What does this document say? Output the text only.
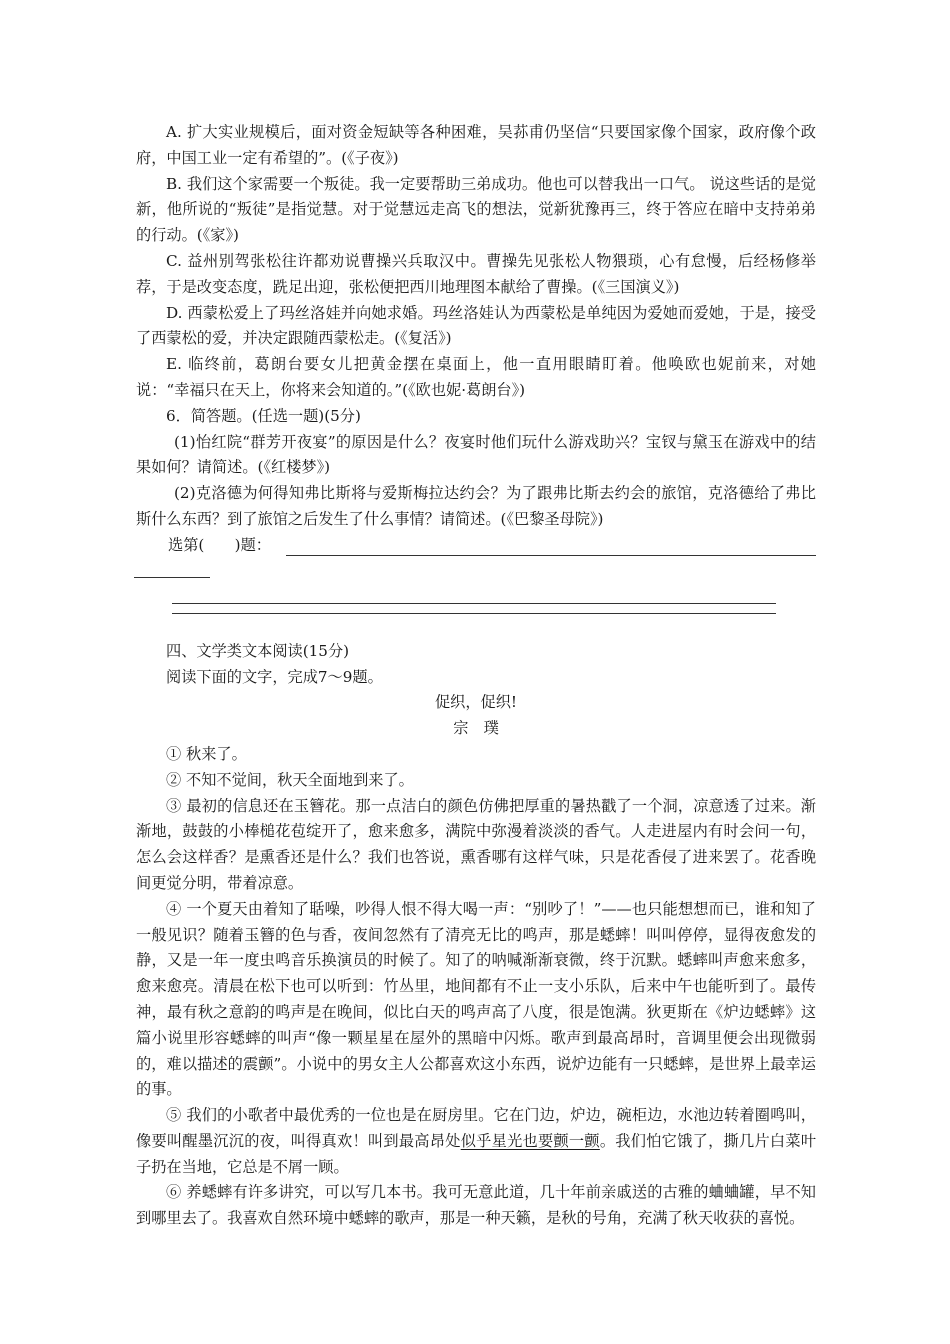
A. 扩大实业规模后，面对资金短缺等各种困难，吴荪甫仍坚信“只要国家像个国家，政府像个政府，中国工业一定有希望的”。(《子夜》)

B. 我们这个家需要一个叛徒。我一定要帮助三弟成功。他也可以替我出一口气。 说这些话的是觉新，他所说的“叛徒”是指觉慧。对于觉慧远走高飞的想法，觉新犹豫再三，终于答应在暗中支持弟弟的行动。(《家》)

C. 益州别驾张松往许都劝说曹操兴兵取汉中。曹操先见张松人物猥琐，心有怠慢，后经杨修举荐，于是改变态度，跣足出迎，张松便把西川地理图本献给了曹操。(《三国演义》)

D. 西蒙松爱上了玛丝洛娃并向她求婚。玛丝洛娃认为西蒙松是单纯因为爱她而爱她，于是，接受了西蒙松的爱，并决定跟随西蒙松走。(《复活》)

E. 临终前，葛朗台要女儿把黄金摆在桌面上，他一直用眼睛盯着。他唤欧也妮前来，对她说：“幸福只在天上，你将来会知道的。”(《欧也妮·葛朗台》)

6．简答题。(任选一题)(5分)

(1)怡红院“群芳开夜宴”的原因是什么？夜宴时他们玩什么游戏助兴？宝钗与黛玉在游戏中的结果如何？请简述。(《红楼梦》)

(2)克洛德为何得知弗比斯将与爱斯梅拉达约会？为了跟弗比斯去约会的旅馆，克洛德给了弗比斯什么东西？到了旅馆之后发生了什么事情？请简述。(《巴黎圣母院》)

选第(　　)题：

四、文学类文本阅读(15分)

阅读下面的文字，完成7～9题。

促织，促织!

宗　璞

① 秋来了。

② 不知不觉间，秋天全面地到来了。

③ 最初的信息还在玉簪花。那一点洁白的颜色仿佛把厚重的暑热戳了一个洞，凉意透了过来。渐渐地，鼓鼓的小棒槌花苞绽开了，愈来愈多，满院中弥漫着淡淡的香气。人走进屋内有时会问一句，怎么会这样香？是熏香还是什么？我们也答说，熏香哪有这样气味，只是花香侵了进来罢了。花香晚间更觉分明，带着凉意。

④ 一个夏天由着知了聒噪，吵得人恨不得大喝一声：“别吵了！”——也只能想想而已，谁和知了一般见识？随着玉簪的色与香，夜间忽然有了清亮无比的鸣声，那是蟋蟀！叫叫停停，显得夜愈发的静，又是一年一度虫鸣音乐换演员的时候了。知了的呐喊渐渐衰微，终于沉默。蟋蟀叫声愈来愈多，愈来愈亮。清晨在松下也可以听到：竹丛里，地间都有不止一支小乐队，后来中午也能听到了。最传神，最有秋之意韵的鸣声是在晚间，似比白天的鸣声高了八度，很是饱满。狄更斯在《炉边蟋蟀》这篇小说里形容蟋蟀的叫声“像一颗星星在屋外的黑暗中闪烁。歌声到最高昂时，音调里便会出现微弱的，难以描述的震颤”。小说中的男女主人公都喜欢这小东西，说炉边能有一只蟋蟀，是世界上最幸运的事。

⑤ 我们的小歌者中最优秀的一位也是在厨房里。它在门边，炉边，碗柜边，水池边转着圈鸣叫，像要叫醒墨沉沉的夜，叫得真欢！叫到最高昂处似乎星光也要颤一颤。我们怕它饿了，撕几片白菜叶子扔在当地，它总是不屑一顾。

⑥ 养蟋蟀有许多讲究，可以写几本书。我可无意此道，几十年前亲戚送的古雅的蛐蛐罐，早不知到哪里去了。我喜欢自然环境中蟋蟀的歌声，那是一种天籁，是秋的号角，充满了秋天收获的喜悦。
